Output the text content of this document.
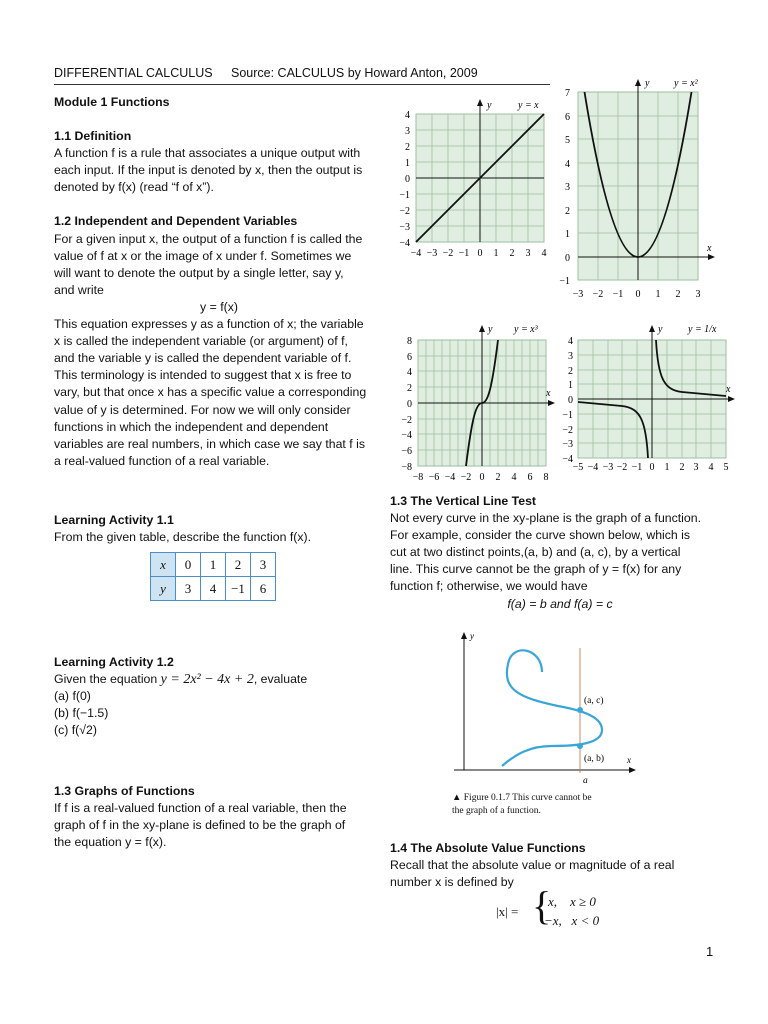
DIFFERENTIAL CALCULUS Source: CALCULUS by Howard Anton, 2009

Module 1 Functions

1.1 Definition

A function f is a rule that associates a unique output with

each input. If the input is denoted by x, then the output is

denoted by f(x) (read “f of x”).

1.2 Independent and Dependent Variables

For a given input x, the output of a function f is called the

value of f at x or the image of x under f. Sometimes we

will want to denote the output by a single letter, say y,

and write

y = f(x)

This equation expresses y as a function of x; the variable

x is called the independent variable (or argument) of f,

and the variable y is called the dependent variable of f.

This terminology is intended to suggest that x is free to

vary, but that once x has a specific value a corresponding

value of y is determined. For now we will only consider

functions in which the independent and dependent

variables are real numbers, in which case we say that f is

a real-valued function of a real variable.

Learning Activity 1.1

From the given table, describe the function f(x).

x	0	1	2	3
y	3	4	−1	6

Learning Activity 1.2

Given the equation y = 2x² − 4x + 2, evaluate

(a) f(0)

(b) f(−1.5)

(c) f(√2)

1.3 Graphs of Functions

If f is a real-valued function of a real variable, then the

graph of f in the xy-plane is defined to be the graph of

the equation y = f(x).

y	y = x
−4 −3 −2 −1 0 1 2 3 4
4
3
2
1
0
−1
−2
−3
−4
y y = x²
x
−3 −2 −1 0 1 2 3
7
6
5
4
3
2
1
0
−1
y y = x³
x
−8 −6 −4 −2 0 2 4 6 8
8
6
4
2
0
−2
−4
−6
−8
y	y = 1/x
x
−5 −4 −3 −2 −1 0 1 2 3 4 5
4
3
2
1
0
−1
−2
−3
−4

1.3 The Vertical Line Test

Not every curve in the xy-plane is the graph of a function.

For example, consider the curve shown below, which is

cut at two distinct points,(a, b) and (a, c), by a vertical

line. This curve cannot be the graph of y = f(x) for any

function f; otherwise, we would have

f(a) = b and f(a) = c

y
x
(a, c)
(a, b)
a
▲ Figure 0.1.7 This curve cannot be
the graph of a function.

1.4 The Absolute Value Functions

Recall that the absolute value or magnitude of a real

number x is defined by

|x| = {
x,    x ≥ 0
−x,   x < 0
1
